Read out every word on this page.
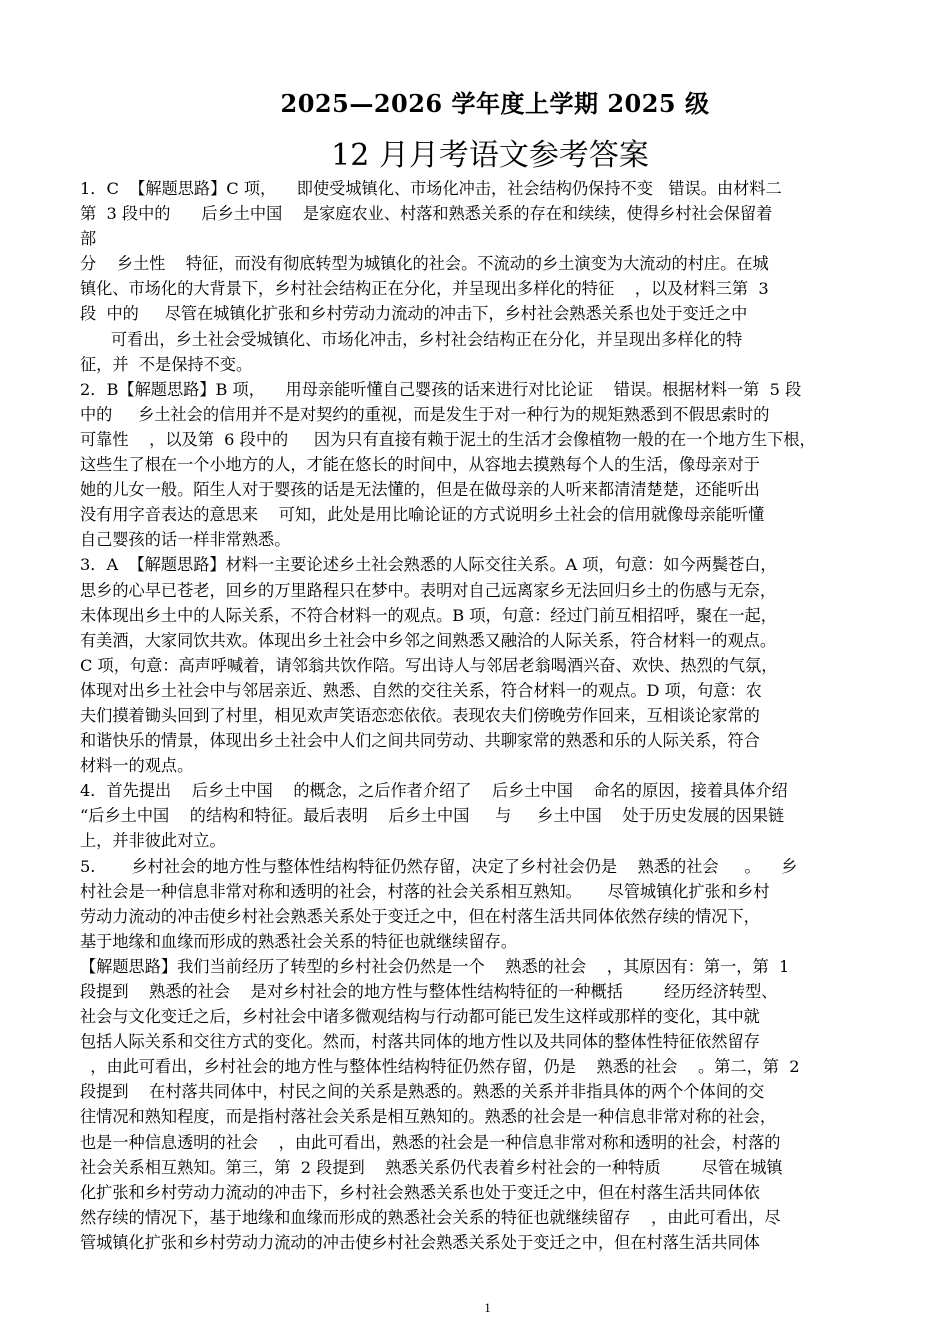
2025—2026 学年度上学期 2025 级
12 月月考语文参考答案
1．C  【解题思路】C 项，    即使受城镇化、市场化冲击，社会结构仍保持不变   错误。由材料二
第  3 段中的      后乡土中国    是家庭农业、村落和熟悉关系的存在和续续，使得乡村社会保留着
部
分    乡土性    特征，而没有彻底转型为城镇化的社会。不流动的乡土演变为大流动的村庄。在城
镇化、市场化的大背景下，乡村社会结构正在分化，并呈现出多样化的特征    ，以及材料三第  3
段  中的     尽管在城镇化扩张和乡村劳动力流动的冲击下，乡村社会熟悉关系也处于变迁之中
可看出，乡土社会受城镇化、市场化冲击，乡村社会结构正在分化，并呈现出多样化的特
征，并  不是保持不变。
2．B【解题思路】B 项，    用母亲能听懂自己婴孩的话来进行对比论证    错误。根据材料一第  5 段
中的     乡土社会的信用并不是对契约的重视，而是发生于对一种行为的规矩熟悉到不假思索时的
可靠性    ，以及第  6 段中的     因为只有直接有赖于泥土的生活才会像植物一般的在一个地方生下根，
这些生了根在一个小地方的人，才能在悠长的时间中，从容地去摸熟每个人的生活，像母亲对于
她的儿女一般。陌生人对于婴孩的话是无法懂的，但是在做母亲的人听来都清清楚楚，还能听出
没有用字音表达的意思来    可知，此处是用比喻论证的方式说明乡土社会的信用就像母亲能听懂
自己婴孩的话一样非常熟悉。
3．A  【解题思路】材料一主要论述乡土社会熟悉的人际交往关系。A 项，句意：如今两鬓苍白，
思乡的心早已苍老，回乡的万里路程只在梦中。表明对自己远离家乡无法回归乡土的伤感与无奈，
未体现出乡土中的人际关系，不符合材料一的观点。B 项，句意：经过门前互相招呼，聚在一起，
有美酒，大家同饮共欢。体现出乡土社会中乡邻之间熟悉又融洽的人际关系，符合材料一的观点。
C 项，句意：高声呼喊着，请邻翁共饮作陪。写出诗人与邻居老翁喝酒兴奋、欢快、热烈的气氛，
体现对出乡土社会中与邻居亲近、熟悉、自然的交往关系，符合材料一的观点。D 项，句意：农
夫们摸着锄头回到了村里，相见欢声笑语恋恋依依。表现农夫们傍晚劳作回来，互相谈论家常的
和谐快乐的情景，体现出乡土社会中人们之间共同劳动、共聊家常的熟悉和乐的人际关系，符合
材料一的观点。
4．首先提出    后乡土中国    的概念，之后作者介绍了    后乡土中国    命名的原因，接着具体介绍
“后乡土中国    的结构和特征。最后表明    后乡土中国     与     乡土中国    处于历史发展的因果链
上，并非彼此对立。
5.       乡村社会的地方性与整体性结构特征仍然存留，决定了乡村社会仍是    熟悉的社会     。    乡
村社会是一种信息非常对称和透明的社会，村落的社会关系相互熟知。     尽管城镇化扩张和乡村
劳动力流动的冲击使乡村社会熟悉关系处于变迁之中，但在村落生活共同体依然存续的情况下，
基于地缘和血缘而形成的熟悉社会关系的特征也就继续留存。
【解题思路】我们当前经历了转型的乡村社会仍然是一个    熟悉的社会    ，其原因有：第一，第  1
段提到    熟悉的社会    是对乡村社会的地方性与整体性结构特征的一种概括        经历经济转型、
社会与文化变迁之后，乡村社会中诸多微观结构与行动都可能已发生这样或那样的变化，其中就
包括人际关系和交往方式的变化。然而，村落共同体的地方性以及共同体的整体性特征依然留存
，由此可看出，乡村社会的地方性与整体性结构特征仍然存留，仍是    熟悉的社会    。第二，第  2
段提到    在村落共同体中，村民之间的关系是熟悉的。熟悉的关系并非指具体的两个个体间的交
往情况和熟知程度，而是指村落社会关系是相互熟知的。熟悉的社会是一种信息非常对称的社会，
也是一种信息透明的社会    ，由此可看出，熟悉的社会是一种信息非常对称和透明的社会，村落的
社会关系相互熟知。第三，第  2 段提到    熟悉关系仍代表着乡村社会的一种特质        尽管在城镇
化扩张和乡村劳动力流动的冲击下，乡村社会熟悉关系也处于变迁之中，但在村落生活共同体依
然存续的情况下，基于地缘和血缘而形成的熟悉社会关系的特征也就继续留存    ，由此可看出，尽
管城镇化扩张和乡村劳动力流动的冲击使乡村社会熟悉关系处于变迁之中，但在村落生活共同体
1
